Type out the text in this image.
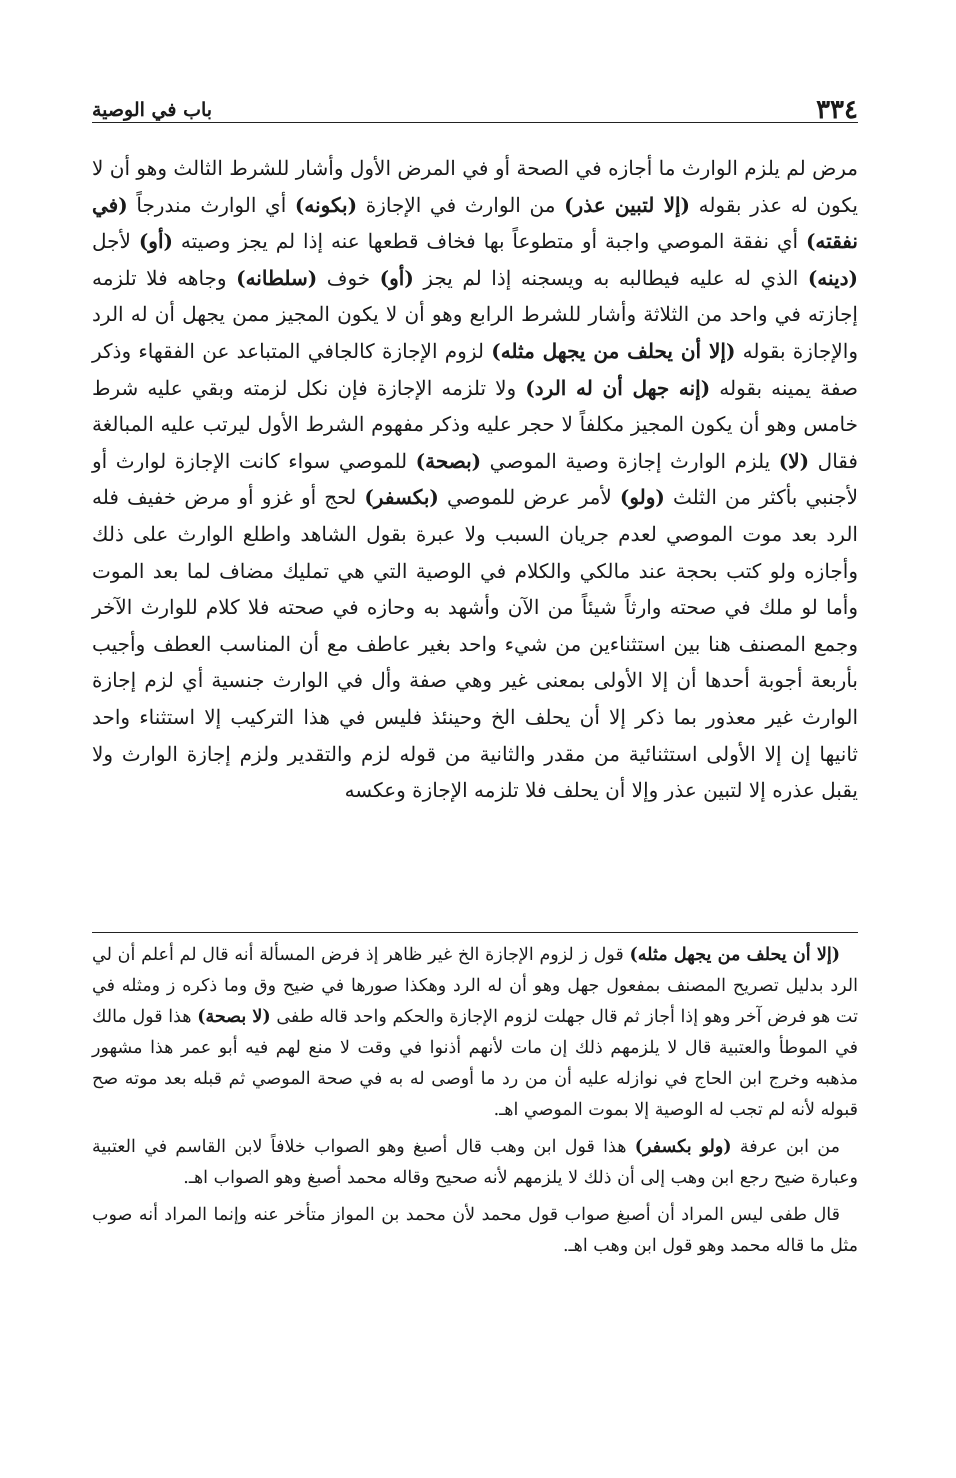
٣٣٤
باب في الوصية

مرض لم يلزم الوارث ما أجازه في الصحة أو في المرض الأول وأشار للشرط الثالث وهو أن لا يكون له عذر بقوله (إلا لتبين عذر) من الوارث في الإجازة (بكونه) أي الوارث مندرجاً (في نفقته) أي نفقة الموصي واجبة أو متطوعاً بها فخاف قطعها عنه إذا لم يجز وصيته (أو) لأجل (دينه) الذي له عليه فيطالبه به ويسجنه إذا لم يجز (أو) خوف (سلطانه) وجاهه فلا تلزمه إجازته في واحد من الثلاثة وأشار للشرط الرابع وهو أن لا يكون المجيز ممن يجهل أن له الرد والإجازة بقوله (إلا أن يحلف من يجهل مثله) لزوم الإجازة كالجافي المتباعد عن الفقهاء وذكر صفة يمينه بقوله (إنه جهل أن له الرد) ولا تلزمه الإجازة فإن نكل لزمته وبقي عليه شرط خامس وهو أن يكون المجيز مكلفاً لا حجر عليه وذكر مفهوم الشرط الأول ليرتب عليه المبالغة فقال (لا) يلزم الوارث إجازة وصية الموصي (بصحة) للموصي سواء كانت الإجازة لوارث أو لأجنبي بأكثر من الثلث (ولو) لأمر عرض للموصي (بكسفر) لحج أو غزو أو مرض خفيف فله الرد بعد موت الموصي لعدم جريان السبب ولا عبرة بقول الشاهد واطلع الوارث على ذلك وأجازه ولو كتب بحجة عند مالكي والكلام في الوصية التي هي تمليك مضاف لما بعد الموت وأما لو ملك في صحته وارثاً شيئاً من الآن وأشهد به وحازه في صحته فلا كلام للوارث الآخر وجمع المصنف هنا بين استثناءين من شيء واحد بغير عاطف مع أن المناسب العطف وأجيب بأربعة أجوبة أحدها أن إلا الأولى بمعنى غير وهي صفة وأل في الوارث جنسية أي لزم إجازة الوارث غير معذور بما ذكر إلا أن يحلف الخ وحينئذ فليس في هذا التركيب إلا استثناء واحد ثانيها إن إلا الأولى استثنائية من مقدر والثانية من قوله لزم والتقدير ولزم إجازة الوارث ولا يقبل عذره إلا لتبين عذر وإلا أن يحلف فلا تلزمه الإجازة وعكسه

(إلا أن يحلف من يجهل مثله) قول ز لزوم الإجازة الخ غير ظاهر إذ فرض المسألة أنه قال لم أعلم أن لي الرد بدليل تصريح المصنف بمفعول جهل وهو أن له الرد وهكذا صورها في ضيح وق وما ذكره ز ومثله في تت هو فرض آخر وهو إذا أجاز ثم قال جهلت لزوم الإجازة والحكم واحد قاله طفى (لا بصحة) هذا قول مالك في الموطأ والعتبية قال لا يلزمهم ذلك إن مات لأنهم أذنوا في وقت لا منع لهم فيه أبو عمر هذا مشهور مذهبه وخرج ابن الحاج في نوازله عليه أن من رد ما أوصى له به في صحة الموصي ثم قبله بعد موته صح قبوله لأنه لم تجب له الوصية إلا بموت الموصي اهـ.

من ابن عرفة (ولو بكسفر) هذا قول ابن وهب قال أصبغ وهو الصواب خلافاً لابن القاسم في العتبية وعبارة ضيح رجع ابن وهب إلى أن ذلك لا يلزمهم لأنه صحيح وقاله محمد أصبغ وهو الصواب اهـ.

قال طفى ليس المراد أن أصبغ صواب قول محمد لأن محمد بن المواز متأخر عنه وإنما المراد أنه صوب مثل ما قاله محمد وهو قول ابن وهب اهـ.
